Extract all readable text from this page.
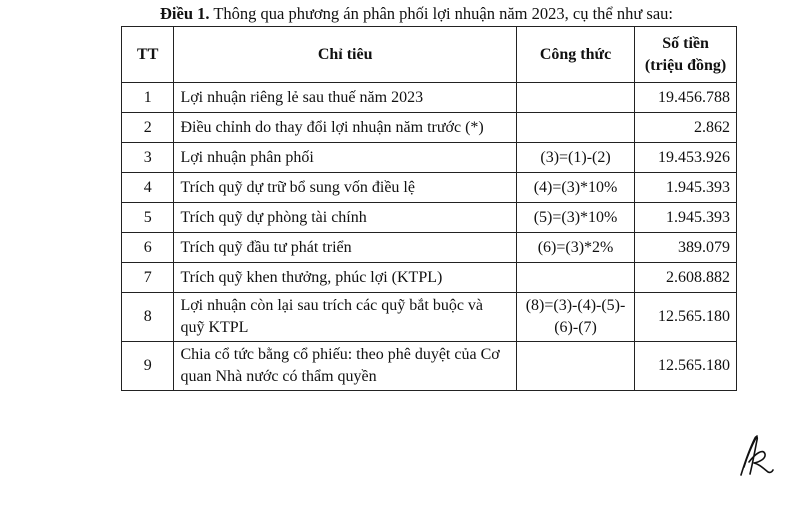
Điều 1. Thông qua phương án phân phối lợi nhuận năm 2023, cụ thể như sau:
TT	Chỉ tiêu	Công thức	Số tiền
(triệu đồng)
1	Lợi nhuận riêng lẻ sau thuế năm 2023		19.456.788
2	Điều chỉnh do thay đổi lợi nhuận năm trước (*)		2.862
3	Lợi nhuận phân phối	(3)=(1)-(2)	19.453.926
4	Trích quỹ dự trữ bổ sung vốn điều lệ	(4)=(3)*10%	1.945.393
5	Trích quỹ dự phòng tài chính	(5)=(3)*10%	1.945.393
6	Trích quỹ đầu tư phát triển	(6)=(3)*2%	389.079
7	Trích quỹ khen thưởng, phúc lợi (KTPL)		2.608.882
8	Lợi nhuận còn lại sau trích các quỹ bắt buộc và quỹ KTPL	(8)=(3)-(4)-(5)-(6)-(7)	12.565.180
9	Chia cổ tức bằng cổ phiếu: theo phê duyệt của Cơ quan Nhà nước có thẩm quyền		12.565.180
